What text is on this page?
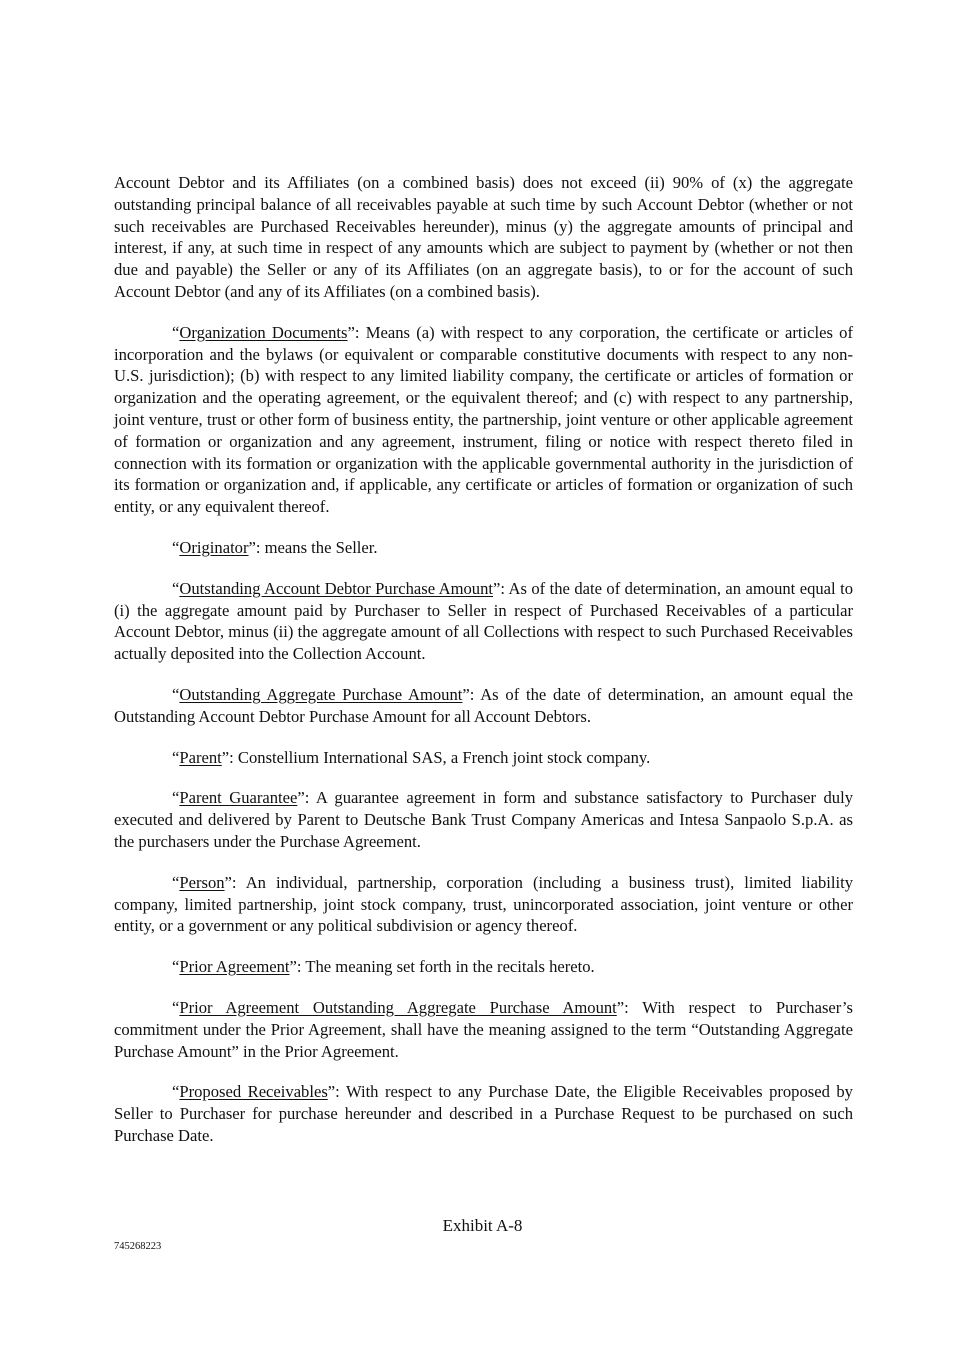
Account Debtor and its Affiliates (on a combined basis) does not exceed (ii) 90% of (x) the aggregate outstanding principal balance of all receivables payable at such time by such Account Debtor (whether or not such receivables are Purchased Receivables hereunder), minus (y) the aggregate amounts of principal and interest, if any, at such time in respect of any amounts which are subject to payment by (whether or not then due and payable) the Seller or any of its Affiliates (on an aggregate basis), to or for the account of such Account Debtor (and any of its Affiliates (on a combined basis).

“Organization Documents”: Means (a) with respect to any corporation, the certificate or articles of incorporation and the bylaws (or equivalent or comparable constitutive documents with respect to any non-U.S. jurisdiction); (b) with respect to any limited liability company, the certificate or articles of formation or organization and the operating agreement, or the equivalent thereof; and (c) with respect to any partnership, joint venture, trust or other form of business entity, the partnership, joint venture or other applicable agreement of formation or organization and any agreement, instrument, filing or notice with respect thereto filed in connection with its formation or organization with the applicable governmental authority in the jurisdiction of its formation or organization and, if applicable, any certificate or articles of formation or organization of such entity, or any equivalent thereof.

“Originator”: means the Seller.

“Outstanding Account Debtor Purchase Amount”: As of the date of determination, an amount equal to (i) the aggregate amount paid by Purchaser to Seller in respect of Purchased Receivables of a particular Account Debtor, minus (ii) the aggregate amount of all Collections with respect to such Purchased Receivables actually deposited into the Collection Account.

“Outstanding Aggregate Purchase Amount”: As of the date of determination, an amount equal the Outstanding Account Debtor Purchase Amount for all Account Debtors.

“Parent”: Constellium International SAS, a French joint stock company.

“Parent Guarantee”: A guarantee agreement in form and substance satisfactory to Purchaser duly executed and delivered by Parent to Deutsche Bank Trust Company Americas and Intesa Sanpaolo S.p.A. as the purchasers under the Purchase Agreement.

“Person”: An individual, partnership, corporation (including a business trust), limited liability company, limited partnership, joint stock company, trust, unincorporated association, joint venture or other entity, or a government or any political subdivision or agency thereof.

“Prior Agreement”: The meaning set forth in the recitals hereto.

“Prior Agreement Outstanding Aggregate Purchase Amount”: With respect to Purchaser’s commitment under the Prior Agreement, shall have the meaning assigned to the term “Outstanding Aggregate Purchase Amount” in the Prior Agreement.

“Proposed Receivables”: With respect to any Purchase Date, the Eligible Receivables proposed by Seller to Purchaser for purchase hereunder and described in a Purchase Request to be purchased on such Purchase Date.

Exhibit A-8
745268223
